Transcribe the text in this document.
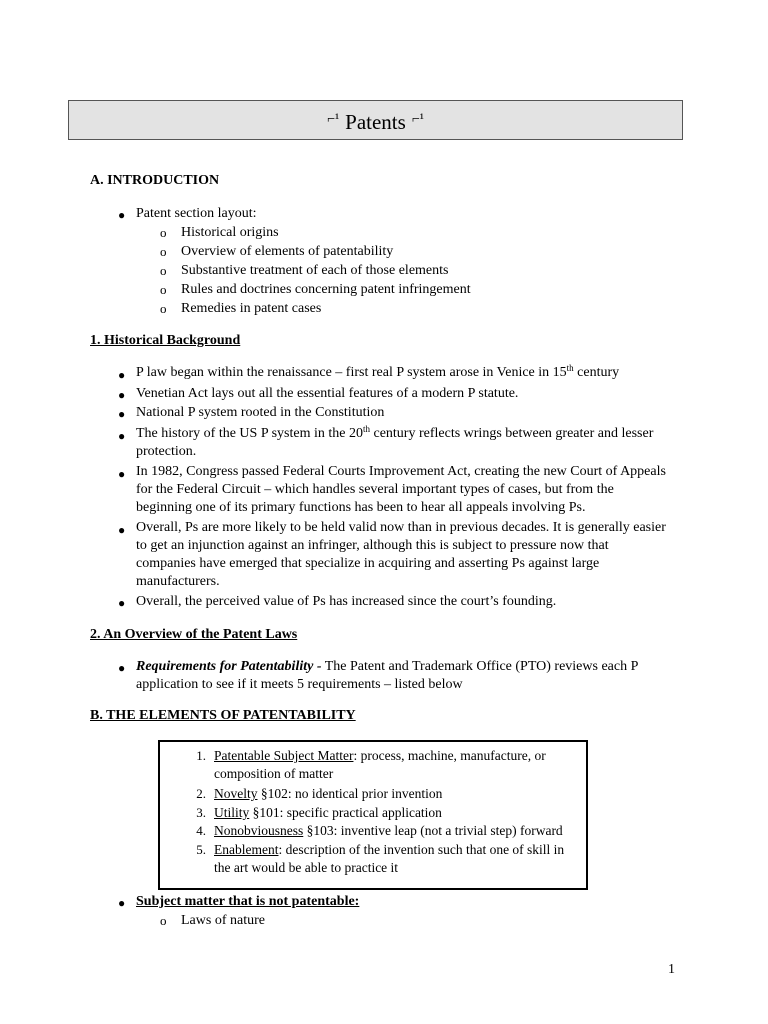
$^{⌐^1}$ Patents $^{⌐^1}$
A. INTRODUCTION
● Patent section layout:
o	Historical origins
o	Overview of elements of patentability
o	Substantive treatment of each of those elements
o	Rules and doctrines concerning patent infringement
o	Remedies in patent cases
1. Historical Background
● P law began within the renaissance – first real P system arose in Venice in 15th century
● Venetian Act lays out all the essential features of a modern P statute.
● National P system rooted in the Constitution
● The history of the US P system in the 20th century reflects wrings between greater and lesser protection.
● In 1982, Congress passed Federal Courts Improvement Act, creating the new Court of Appeals for the Federal Circuit – which handles several important types of cases, but from the beginning one of its primary functions has been to hear all appeals involving Ps.
● Overall, Ps are more likely to be held valid now than in previous decades. It is generally easier to get an injunction against an infringer, although this is subject to pressure now that companies have emerged that specialize in acquiring and asserting Ps against large manufacturers.
● Overall, the perceived value of Ps has increased since the court’s founding.
2. An Overview of the Patent Laws
● Requirements for Patentability - The Patent and Trademark Office (PTO) reviews each P application to see if it meets 5 requirements – listed below
B. THE ELEMENTS OF PATENTABILITY
1. Patentable Subject Matter: process, machine, manufacture, or composition of matter
2. Novelty §102: no identical prior invention
3. Utility §101: specific practical application
4. Nonobviousness §103: inventive leap (not a trivial step) forward
5. Enablement: description of the invention such that one of skill in the art would be able to practice it
● Subject matter that is not patentable:
o	Laws of nature
1
